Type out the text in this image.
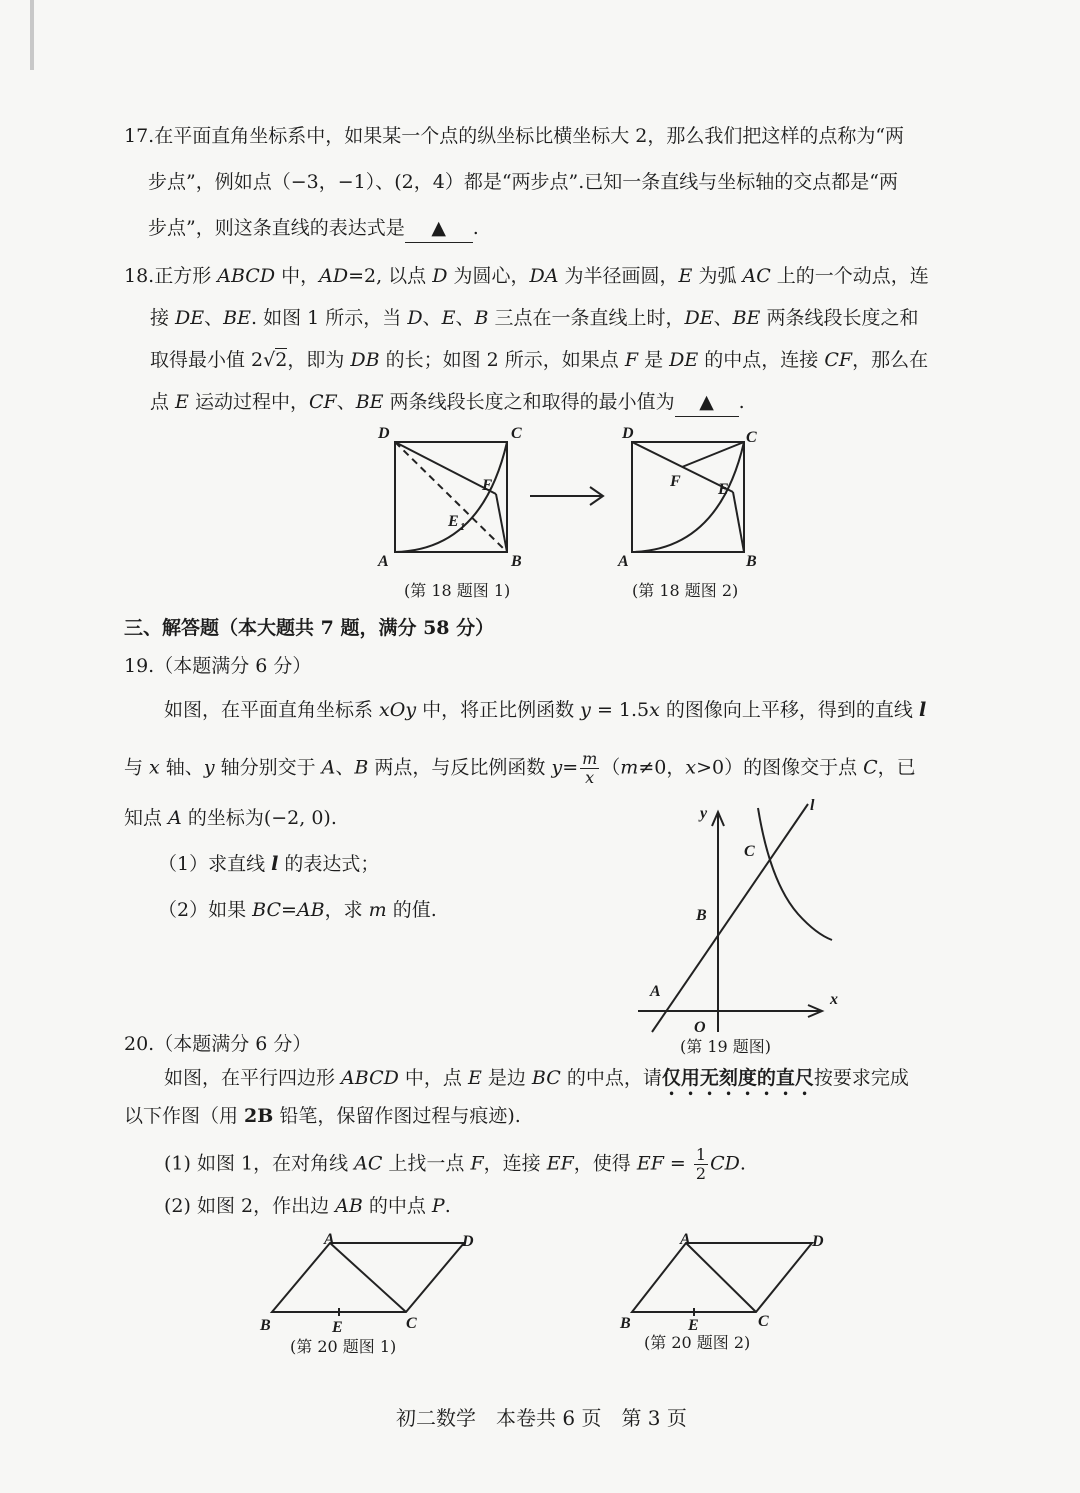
17.在平面直角坐标系中，如果某一个点的纵坐标比横坐标大 2，那么我们把这样的点称为“两
步点”，例如点（−3，−1）、(2，4）都是“两步点”.已知一条直线与坐标轴的交点都是“两
步点”，则这条直线的表达式是 ▲ .
18.正方形 ABCD 中，AD=2, 以点 D 为圆心，DA 为半径画圆，E 为弧 AC 上的一个动点，连
接 DE、BE. 如图 1 所示，当 D、E、B 三点在一条直线上时，DE、BE 两条线段长度之和
取得最小值 2√2，即为 DB 的长；如图 2 所示，如果点 F 是 DE 的中点，连接 CF，那么在
点 E 运动过程中，CF、BE 两条线段长度之和取得的最小值为 ▲ .
D	C
A	B
E
E 1
D	C
A	B
E
F
(第 18 题图 1)	(第 18 题图 2)
三、解答题（本大题共 7 题，满分 58 分）
19.（本题满分 6 分）
如图，在平面直角坐标系 xOy 中，将正比例函数 y = 1.5x 的图像向上平移，得到的直线 l
与 x 轴、y 轴分别交于 A、B 两点，与反比例函数 $y= \frac{m}{x} (m\ne 0$，x>0）的图像交于点 C，已
知点 A 的坐标为(−2, 0).
（1）求直线 l 的表达式；
（2）如果 BC=AB，求 m 的值.
y
x
l
C
B
A
O
(第 19 题图)
20.（本题满分 6 分）
如图，在平行四边形 ABCD 中，点 E 是边 BC 的中点，请仅用无刻度的直尺按要求完成
以下作图（用 2B 铅笔，保留作图过程与痕迹).
(1) 如图 1，在对角线 AC 上找一点 F，连接 EF，使得 EF = $\frac{1}{2}$ CD.
(2) 如图 2，作出边 AB 的中点 P.
A	D
B	C
E
A	D
B	C
E
(第 20 题图 1)	(第 20 题图 2)
初二数学　本卷共 6 页　第 3 页
